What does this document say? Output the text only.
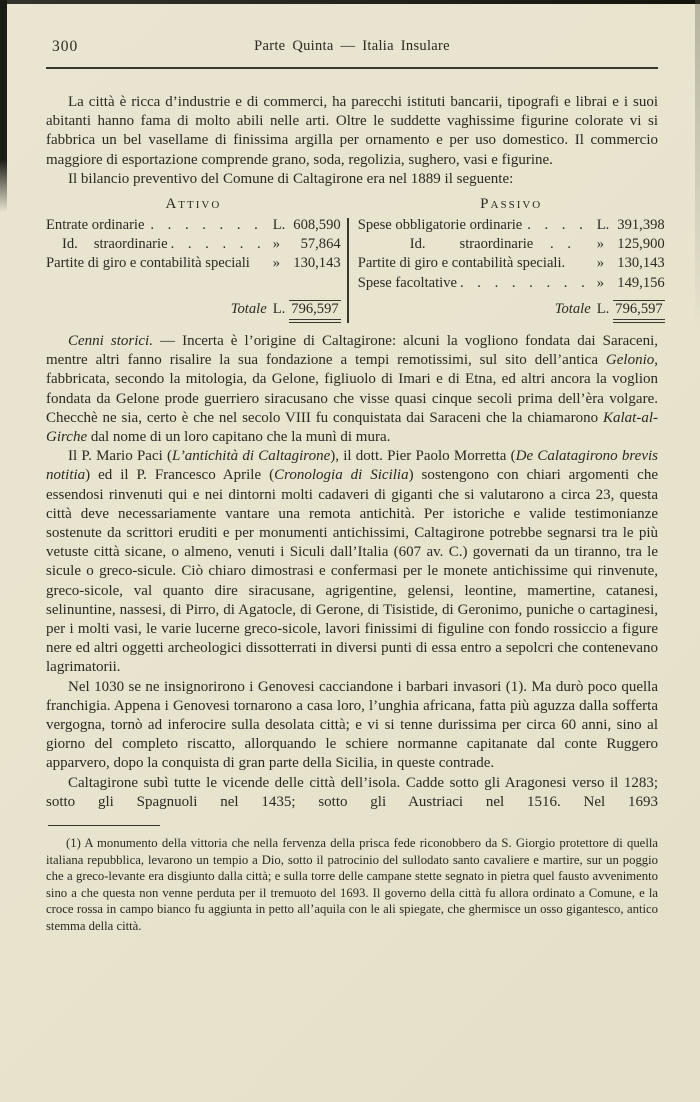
300	Parte Quinta — Italia Insulare

La città è ricca d’industrie e di commerci, ha parecchi istituti bancarii, tipografi e librai e i suoi abitanti hanno fama di molto abili nelle arti. Oltre le suddette vaghissime figurine colorate vi si fabbrica un bel vasellame di finissima argilla per ornamento e per uso domestico. Il commercio maggiore di esportazione comprende grano, soda, regolizia, sughero, vasi e figurine.

Il bilancio preventivo del Comune di Caltagirone era nel 1889 il seguente:

Attivo
Entrate ordinarie . . . . . . . L. 608,590
Id. straordinarie . . . . . . »	57,864
Partite di giro e contabilità speciali » 130,143
Totale L. 796,597
Passivo
Spese obbligatorie ordinarie . . . . L. 391,398
Id. straordinarie	. .	» 125,900
Partite di giro e contabilità speciali. » 130,143
Spese facoltative . . . . . . . . » 149,156
Totale L. 796,597

Cenni storici. — Incerta è l’origine di Caltagirone: alcuni la vogliono fondata dai Saraceni, mentre altri fanno risalire la sua fondazione a tempi remotissimi, sul sito dell’antica Gelonio, fabbricata, secondo la mitologia, da Gelone, figliuolo di Imari e di Etna, ed altri ancora la voglion fondata da Gelone prode guerriero siracusano che visse quasi cinque secoli prima dell’èra volgare. Checchè ne sia, certo è che nel secolo VIII fu conquistata dai Saraceni che la chiamarono Kalat-al-Girche dal nome di un loro capitano che la munì di mura.

Il P. Mario Paci (L’antichità di Caltagirone), il dott. Pier Paolo Morretta (De Calatagirono brevis notitia) ed il P. Francesco Aprile (Cronologia di Sicilia) sostengono con chiari argomenti che essendosi rinvenuti qui e nei dintorni molti cadaveri di giganti che si valutarono a circa 23, questa città deve necessariamente vantare una remota antichità. Per istoriche e valide testimonianze sostenute da scrittori eruditi e per monumenti antichissimi, Caltagirone potrebbe segnarsi tra le più vetuste città sicane, o almeno, venuti i Siculi dall’Italia (607 av. C.) governati da un tiranno, tra le sicule o greco-sicule. Ciò chiaro dimostrasi e confermasi per le monete antichissime qui rinvenute, greco-sicole, val quanto dire siracusane, agrigentine, gelensi, leontine, mamertine, catanesi, selinuntine, nassesi, di Pirro, di Agatocle, di Gerone, di Tisistide, di Geronimo, puniche o cartaginesi, per i molti vasi, le varie lucerne greco-sicole, lavori finissimi di figuline con fondo rossiccio a figure nere ed altri oggetti archeologici dissotterrati in diversi punti di essa entro a sepolcri che contenevano lagrimatorii.

Nel 1030 se ne insignorirono i Genovesi cacciandone i barbari invasori (1). Ma durò poco quella franchigia. Appena i Genovesi tornarono a casa loro, l’unghia africana, fatta più aguzza dalla sofferta vergogna, tornò ad inferocire sulla desolata città; e vi si tenne durissima per circa 60 anni, sino al giorno del completo riscatto, allorquando le schiere normanne capitanate dal conte Ruggero apparvero, dopo la conquista di gran parte della Sicilia, in queste contrade.

Caltagirone subì tutte le vicende delle città dell’isola. Cadde sotto gli Aragonesi verso il 1283; sotto gli Spagnuoli nel 1435; sotto gli Austriaci nel 1516. Nel 1693

(1) A monumento della vittoria che nella fervenza della prisca fede riconobbero da S. Giorgio protettore di quella italiana repubblica, levarono un tempio a Dio, sotto il patrocinio del sullodato santo cavaliere e martire, sur un poggio che a greco-levante era disgiunto dalla città; e sulla torre delle campane stette segnato in pietra quel fausto avvenimento sino a che questa non venne perduta per il tremuoto del 1693. Il governo della città fu allora ordinato a Comune, e la croce rossa in campo bianco fu aggiunta in petto all’aquila con le ali spiegate, che ghermisce un osso gigantesco, antico stemma della città.
